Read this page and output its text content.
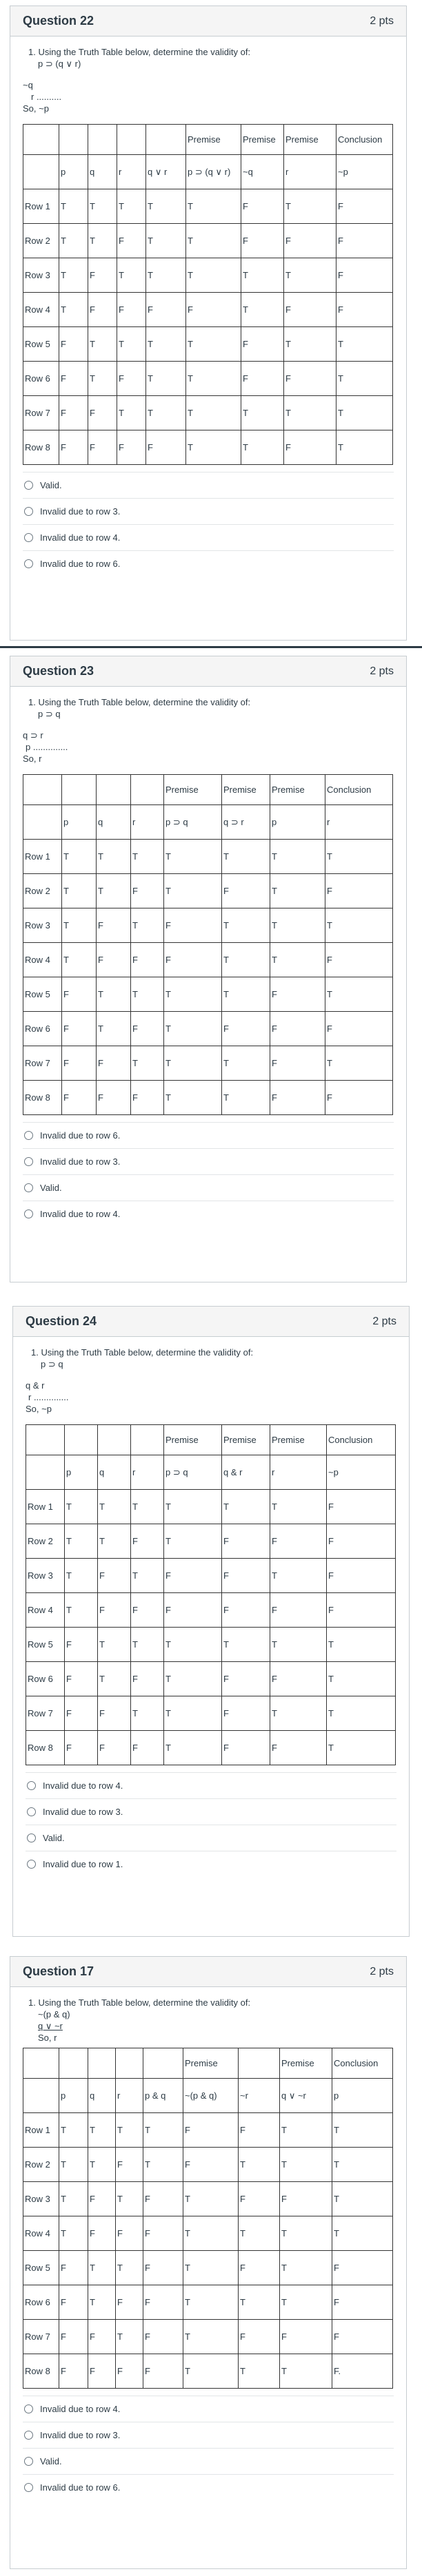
Question 22	2 pts
1. Using the Truth Table below, determine the validity of:
p ⊃ (q ∨ r)
~q
r ..........
So, ~p
					Premise	Premise	Premise	Conclusion
	p	q	r	q ∨ r	p ⊃ (q ∨ r)	~q	r	~p
Row 1	T	T	T	T	T	F	T	F
Row 2	T	T	F	T	T	F	F	F
Row 3	T	F	T	T	T	T	T	F
Row 4	T	F	F	F	F	T	F	F
Row 5	F	T	T	T	T	F	T	T
Row 6	F	T	F	T	T	F	F	T
Row 7	F	F	T	T	T	T	T	T
Row 8	F	F	F	F	T	T	F	T
Valid.
Invalid due to row 3.
Invalid due to row 4.
Invalid due to row 6.
Question 23	2 pts
1. Using the Truth Table below, determine the validity of:
p ⊃ q
q ⊃ r
p ..............
So, r
				Premise	Premise	Premise	Conclusion
	p	q	r	p ⊃ q	q ⊃ r	p	r
Row 1	T	T	T	T	T	T	T
Row 2	T	T	F	T	F	T	F
Row 3	T	F	T	F	T	T	T
Row 4	T	F	F	F	T	T	F
Row 5	F	T	T	T	T	F	T
Row 6	F	T	F	T	F	F	F
Row 7	F	F	T	T	T	F	T
Row 8	F	F	F	T	T	F	F
Invalid due to row 6.
Invalid due to row 3.
Valid.
Invalid due to row 4.
Question 24	2 pts
1. Using the Truth Table below, determine the validity of:
p ⊃ q
q & r
r ..............
So, ~p
				Premise	Premise	Premise	Conclusion
	p	q	r	p ⊃ q	q & r	r	~p
Row 1	T	T	T	T	T	T	F
Row 2	T	T	F	T	F	F	F
Row 3	T	F	T	F	F	T	F
Row 4	T	F	F	F	F	F	F
Row 5	F	T	T	T	T	T	T
Row 6	F	T	F	T	F	F	T
Row 7	F	F	T	T	F	T	T
Row 8	F	F	F	T	F	F	T
Invalid due to row 4.
Invalid due to row 3.
Valid.
Invalid due to row 1.
Question 17	2 pts
1. Using the Truth Table below, determine the validity of:
~(p & q)
q ∨ ~r
So, r
					Premise		Premise	Conclusion
	p	q	r	p & q	~(p & q)	~r	q ∨ ~r	p
Row 1	T	T	T	T	F	F	T	T
Row 2	T	T	F	T	F	T	T	T
Row 3	T	F	T	F	T	F	F	T
Row 4	T	F	F	F	T	T	T	T
Row 5	F	T	T	F	T	F	T	F
Row 6	F	T	F	F	T	T	T	F
Row 7	F	F	T	F	T	F	F	F
Row 8	F	F	F	F	T	T	T	F.
Invalid due to row 4.
Invalid due to row 3.
Valid.
Invalid due to row 6.
